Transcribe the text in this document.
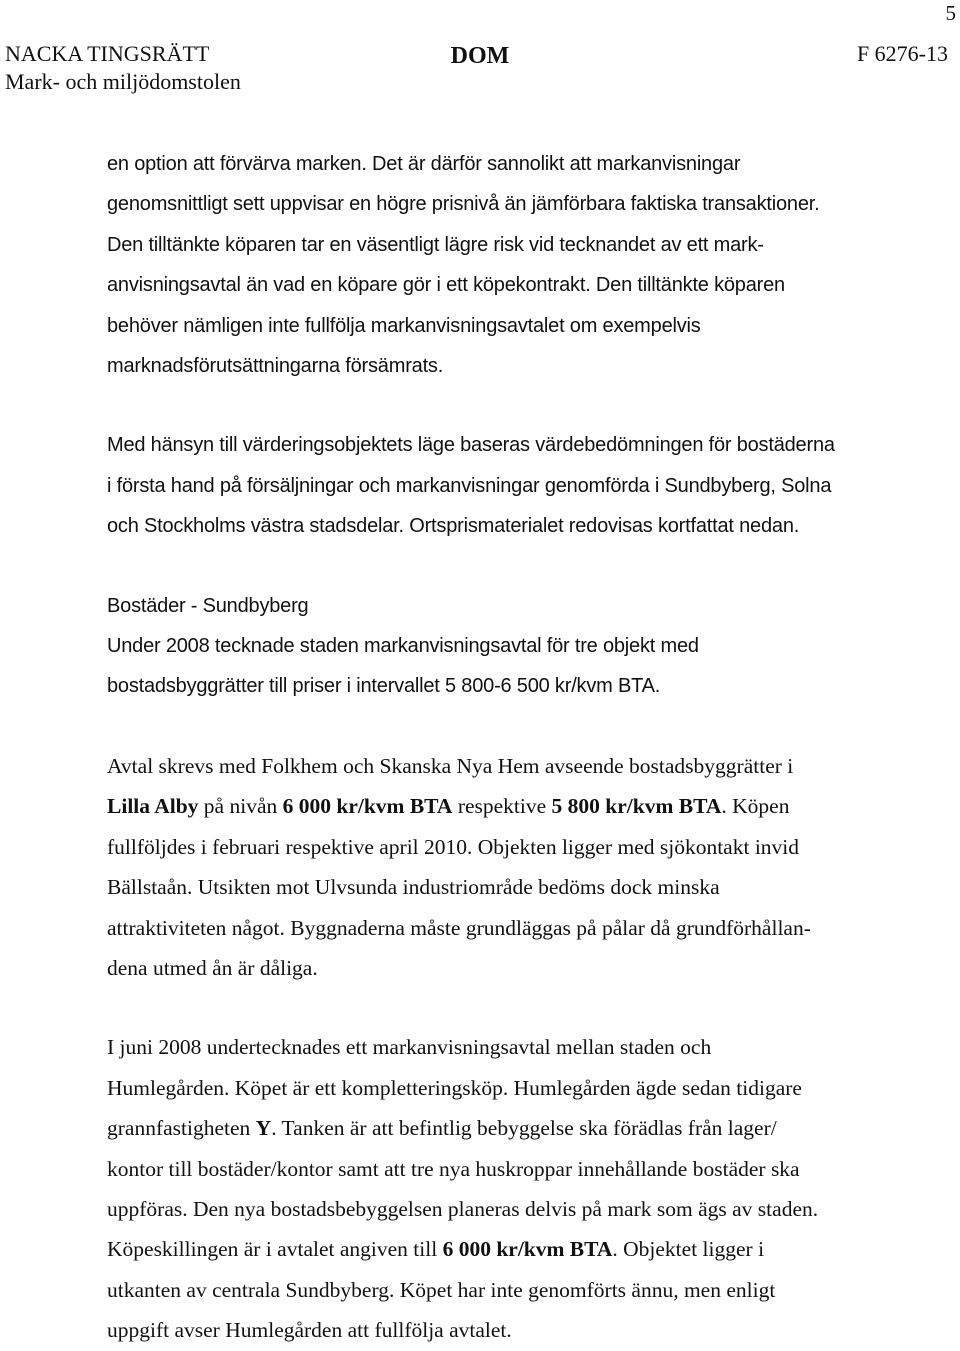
5

NACKA TINGSRÄTT

Mark- och miljödomstolen

DOM	F 6276-13

en option att förvärva marken. Det är därför sannolikt att markanvisningar

genomsnittligt sett uppvisar en högre prisnivå än jämförbara faktiska transaktioner.

Den tilltänkte köparen tar en väsentligt lägre risk vid tecknandet av ett mark-

anvisningsavtal än vad en köpare gör i ett köpekontrakt. Den tilltänkte köparen

behöver nämligen inte fullfölja markanvisningsavtalet om exempelvis

marknadsförutsättningarna försämrats.

Med hänsyn till värderingsobjektets läge baseras värdebedömningen för bostäderna

i första hand på försäljningar och markanvisningar genomförda i Sundbyberg, Solna

och Stockholms västra stadsdelar. Ortsprismaterialet redovisas kortfattat nedan.

Bostäder - Sundbyberg

Under 2008 tecknade staden markanvisningsavtal för tre objekt med

bostadsbyggrätter till priser i intervallet 5 800-6 500 kr/kvm BTA.

Avtal skrevs med Folkhem och Skanska Nya Hem avseende bostadsbyggrätter i

Lilla Alby på nivån 6 000 kr/kvm BTA respektive 5 800 kr/kvm BTA. Köpen

fullföljdes i februari respektive april 2010. Objekten ligger med sjökontakt invid

Bällstaån. Utsikten mot Ulvsunda industriområde bedöms dock minska

attraktiviteten något. Byggnaderna måste grundläggas på pålar då grundförhållan-

dena utmed ån är dåliga.

I juni 2008 undertecknades ett markanvisningsavtal mellan staden och

Humlegården. Köpet är ett kompletteringsköp. Humlegården ägde sedan tidigare

grannfastigheten Y. Tanken är att befintlig bebyggelse ska förädlas från lager/

kontor till bostäder/kontor samt att tre nya huskroppar innehållande bostäder ska

uppföras. Den nya bostadsbebyggelsen planeras delvis på mark som ägs av staden.

Köpeskillingen är i avtalet angiven till 6 000 kr/kvm BTA. Objektet ligger i

utkanten av centrala Sundbyberg. Köpet har inte genomförts ännu, men enligt

uppgift avser Humlegården att fullfölja avtalet.
